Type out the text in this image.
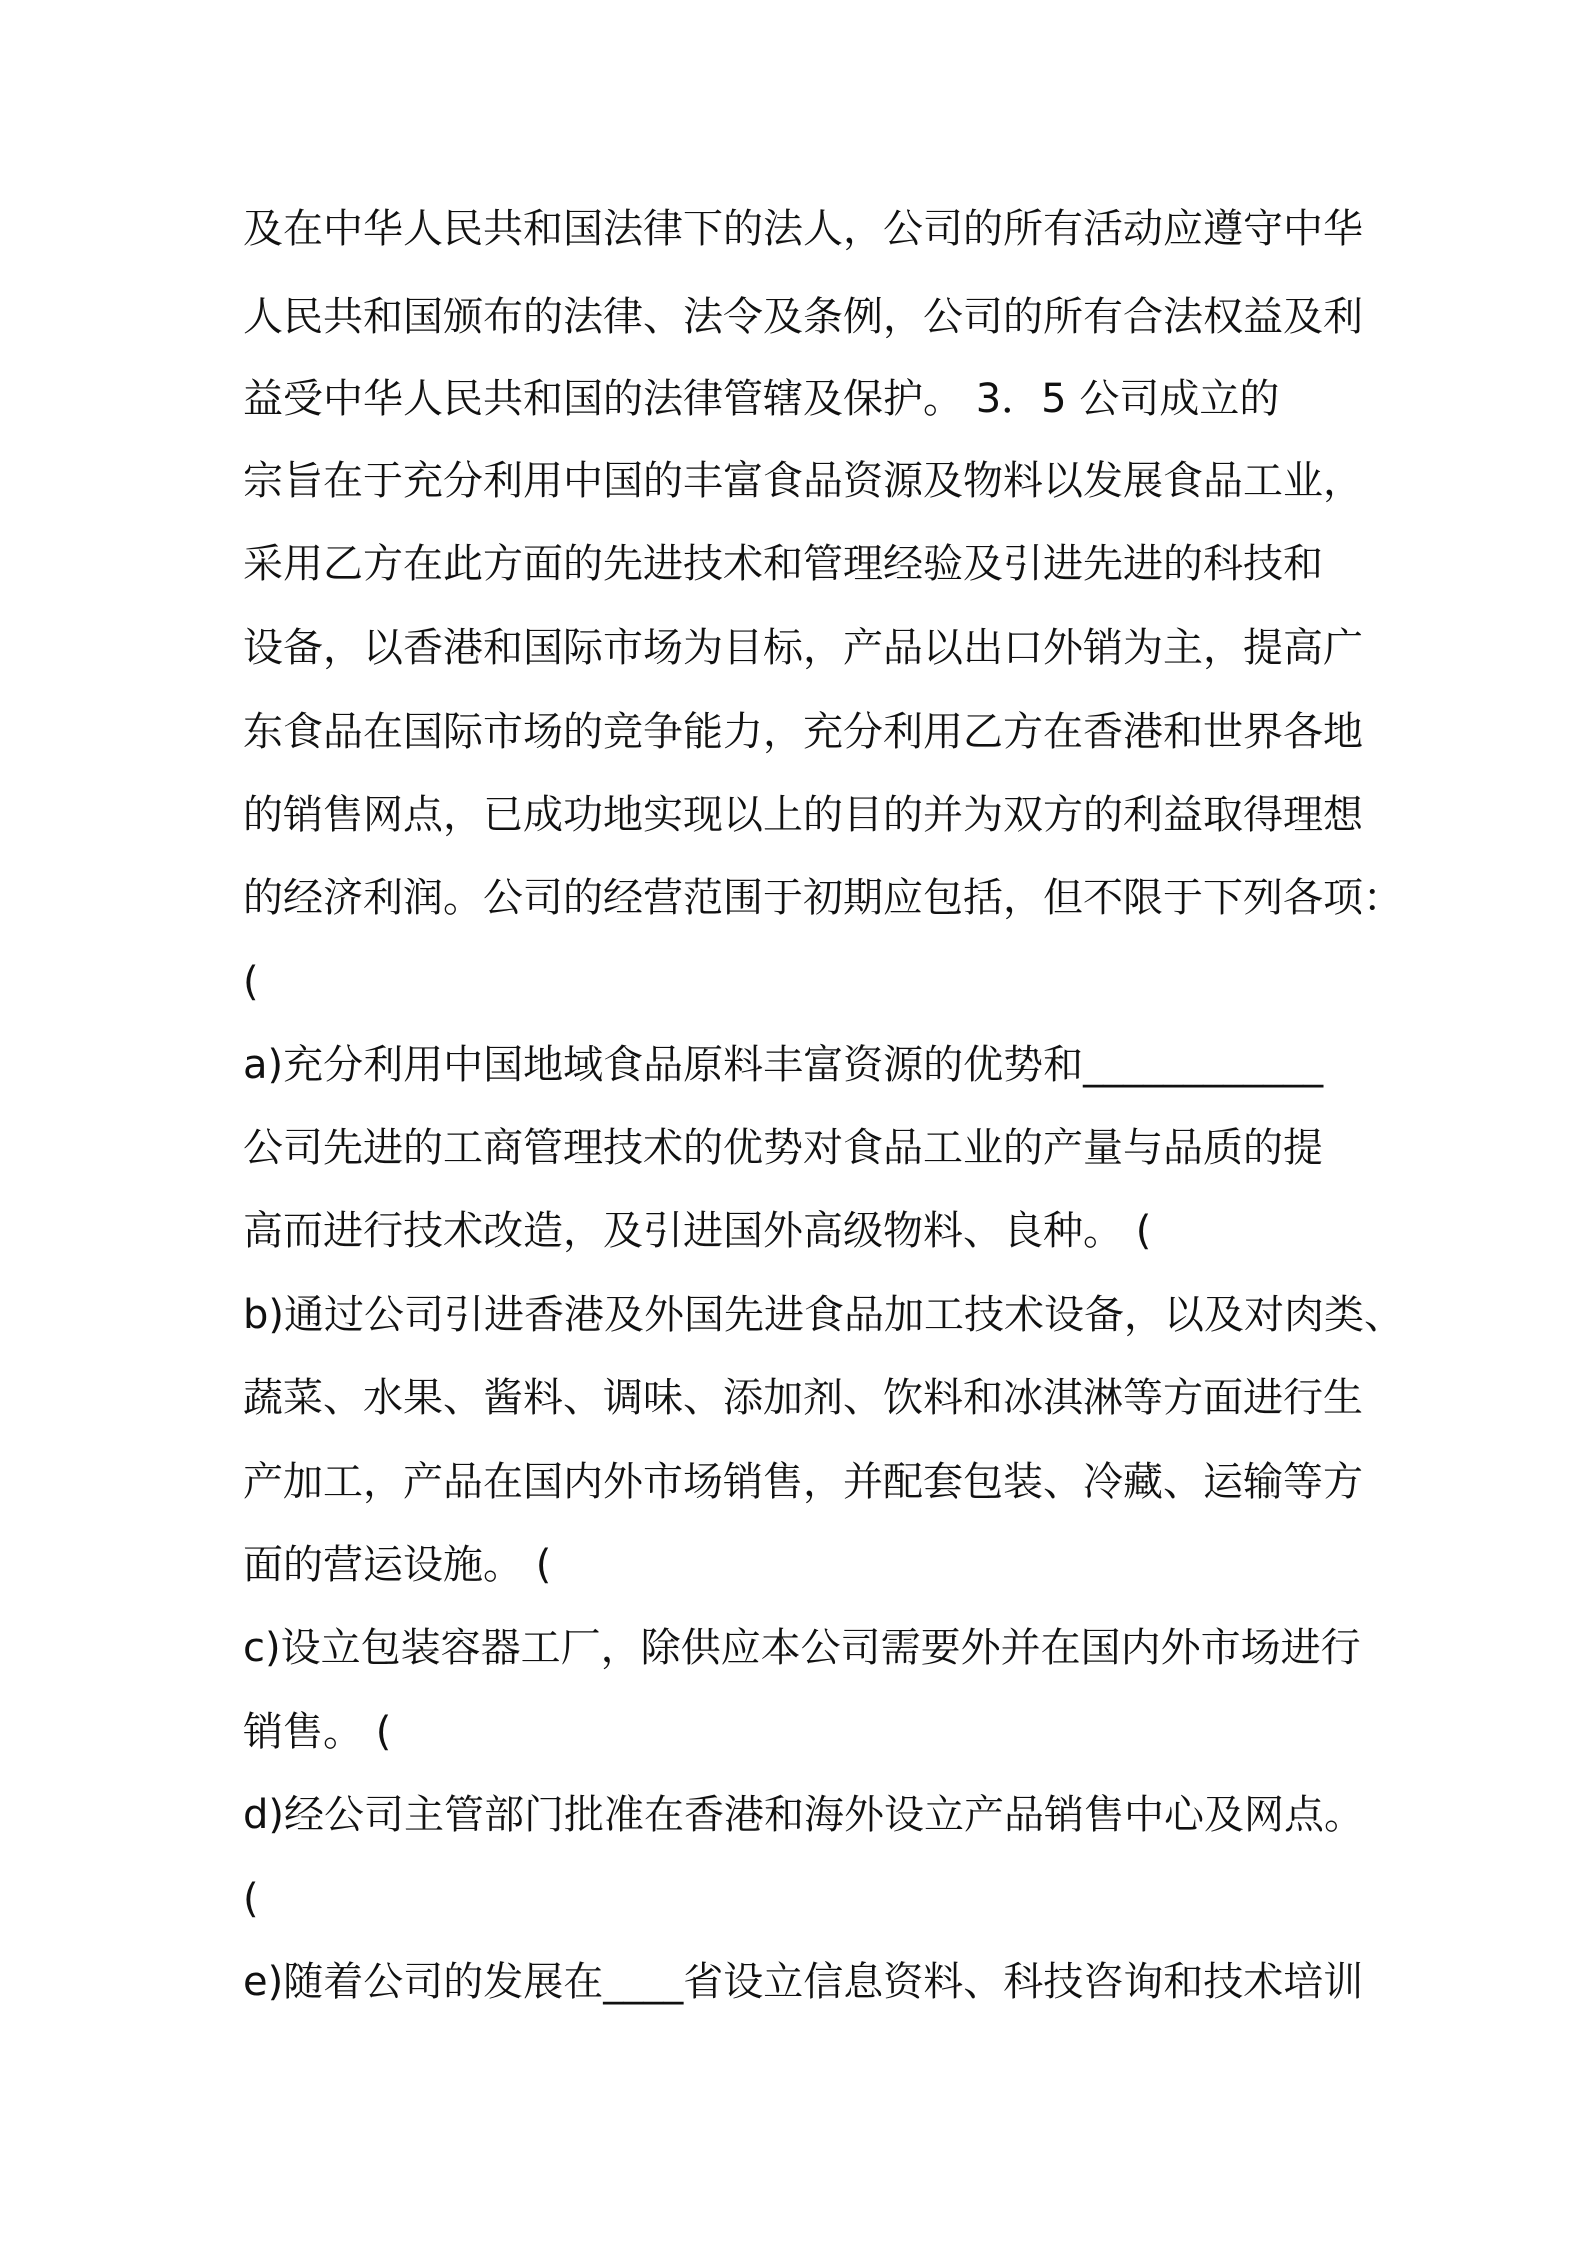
及在中华人民共和国法律下的法人，公司的所有活动应遵守中华
人民共和国颁布的法律、法令及条例，公司的所有合法权益及利
益受中华人民共和国的法律管辖及保护。 3．5 公司成立的
宗旨在于充分利用中国的丰富食品资源及物料以发展食品工业，
采用乙方在此方面的先进技术和管理经验及引进先进的科技和
设备，以香港和国际市场为目标，产品以出口外销为主，提高广
东食品在国际市场的竞争能力，充分利用乙方在香港和世界各地
的销售网点，已成功地实现以上的目的并为双方的利益取得理想
的经济利润。公司的经营范围于初期应包括，但不限于下列各项：
(
a)充分利用中国地域食品原料丰富资源的优势和____________
公司先进的工商管理技术的优势对食品工业的产量与品质的提
高而进行技术改造，及引进国外高级物料、良种。 (
b)通过公司引进香港及外国先进食品加工技术设备，以及对肉类、
蔬菜、水果、酱料、调味、添加剂、饮料和冰淇淋等方面进行生
产加工，产品在国内外市场销售，并配套包装、冷藏、运输等方
面的营运设施。 (
c)设立包装容器工厂，除供应本公司需要外并在国内外市场进行
销售。 (
d)经公司主管部门批准在香港和海外设立产品销售中心及网点。
(
e)随着公司的发展在____省设立信息资料、科技咨询和技术培训
